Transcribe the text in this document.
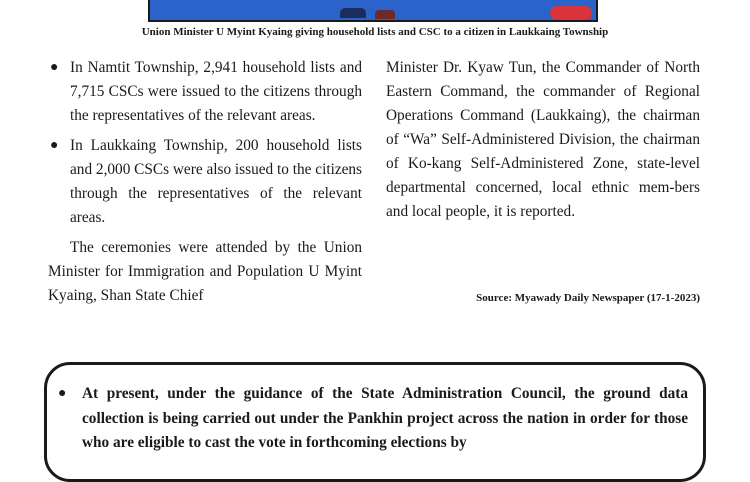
Union Minister U Myint Kyaing giving household lists and CSC to a citizen in Laukkaing Township
● In Namtit Township, 2,941 household lists and 7,715 CSCs were issued to the citizens through the representatives of the relevant areas.
● In Laukkaing Township, 200 household lists and 2,000 CSCs were also issued to the citizens through the representatives of the relevant areas.

The ceremonies were attended by the Union Minister for Immigration and Population U Myint Kyaing, Shan State Chief

Minister Dr. Kyaw Tun, the Commander of North Eastern Command, the commander of Regional Operations Command (Laukkaing), the chairman of “Wa” Self-Administered Division, the chairman of Ko-kang Self-Administered Zone, state-level departmental concerned, local ethnic mem-bers and local people, it is reported.

Source: Myawady Daily Newspaper (17-1-2023)
● At present, under the guidance of the State Administration Council, the ground data collection is being carried out under the Pankhin project across the nation in order for those who are eligible to cast the vote in forthcoming elections by
